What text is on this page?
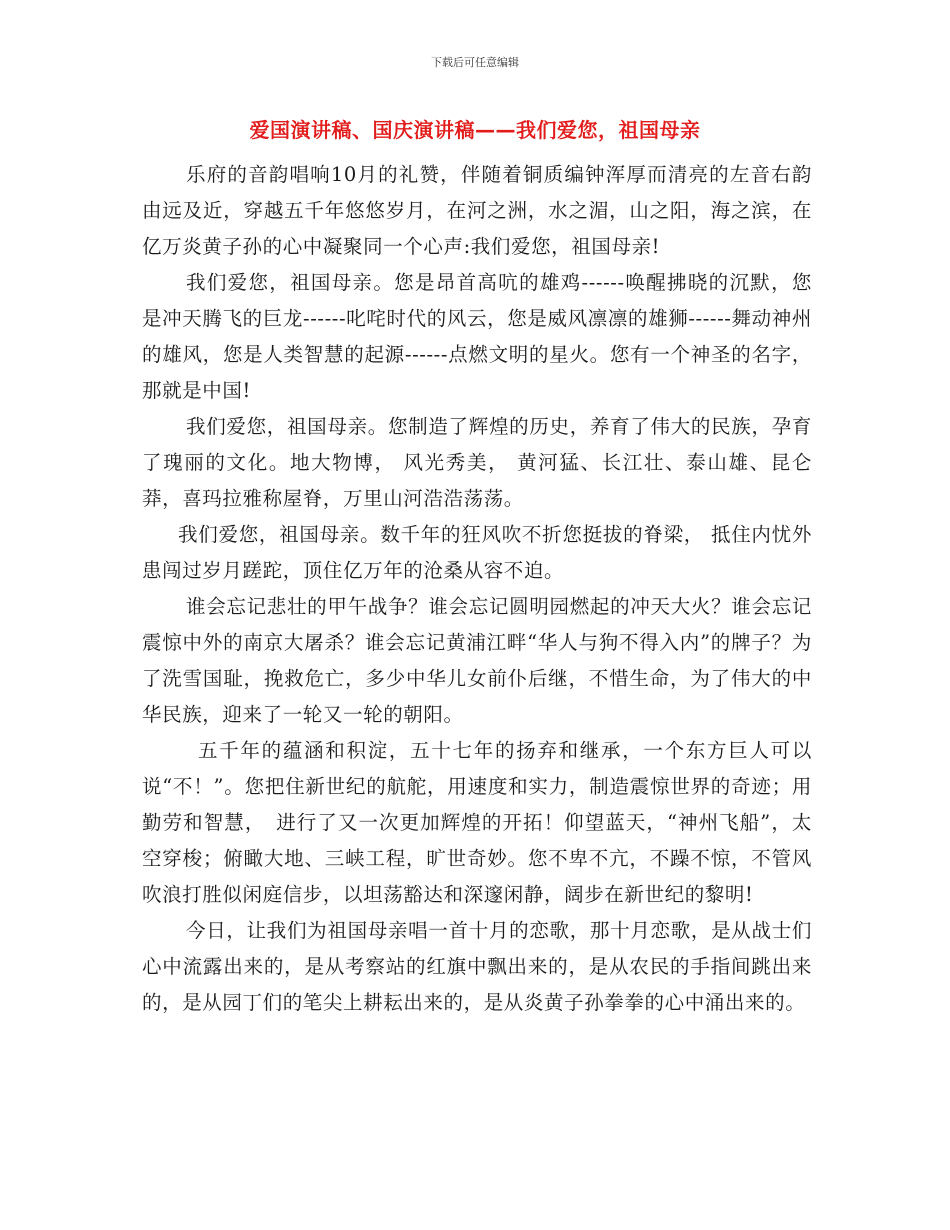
下载后可任意编辑
爱国演讲稿、国庆演讲稿——我们爱您，祖国母亲

乐府的音韵唱响10月的礼赞，伴随着铜质编钟浑厚而清亮的左音右韵由远及近，穿越五千年悠悠岁月，在河之洲，水之湄，山之阳，海之滨，在亿万炎黄子孙的心中凝聚同一个心声:我们爱您，祖国母亲!

我们爱您，祖国母亲。您是昂首高吭的雄鸡------唤醒拂晓的沉默，您是冲天腾飞的巨龙------叱咤时代的风云，您是威风凛凛的雄狮------舞动神州的雄风，您是人类智慧的起源------点燃文明的星火。您有一个神圣的名字，那就是中国!

我们爱您，祖国母亲。您制造了辉煌的历史，养育了伟大的民族，孕育了瑰丽的文化。地大物博， 风光秀美， 黄河猛、长江壮、泰山雄、昆仑莽，喜玛拉雅称屋脊，万里山河浩浩荡荡。

我们爱您，祖国母亲。数千年的狂风吹不折您挺拔的脊梁， 抵住内忧外患闯过岁月蹉跎，顶住亿万年的沧桑从容不迫。

谁会忘记悲壮的甲午战争？谁会忘记圆明园燃起的冲天大火？谁会忘记震惊中外的南京大屠杀？谁会忘记黄浦江畔“华人与狗不得入内”的牌子？为了洗雪国耻，挽救危亡，多少中华儿女前仆后继，不惜生命，为了伟大的中华民族，迎来了一轮又一轮的朝阳。

五千年的蕴涵和积淀，五十七年的扬弃和继承，一个东方巨人可以说“不！”。您把住新世纪的航舵，用速度和实力，制造震惊世界的奇迹；用勤劳和智慧，　进行了又一次更加辉煌的开拓！仰望蓝天，“神州飞船”，太空穿梭；俯瞰大地、三峡工程，旷世奇妙。您不卑不亢，不躁不惊，不管风吹浪打胜似闲庭信步，以坦荡豁达和深邃闲静，阔步在新世纪的黎明!

今日，让我们为祖国母亲唱一首十月的恋歌，那十月恋歌，是从战士们心中流露出来的，是从考察站的红旗中飘出来的，是从农民的手指间跳出来的，是从园丁们的笔尖上耕耘出来的，是从炎黄子孙拳拳的心中涌出来的。
